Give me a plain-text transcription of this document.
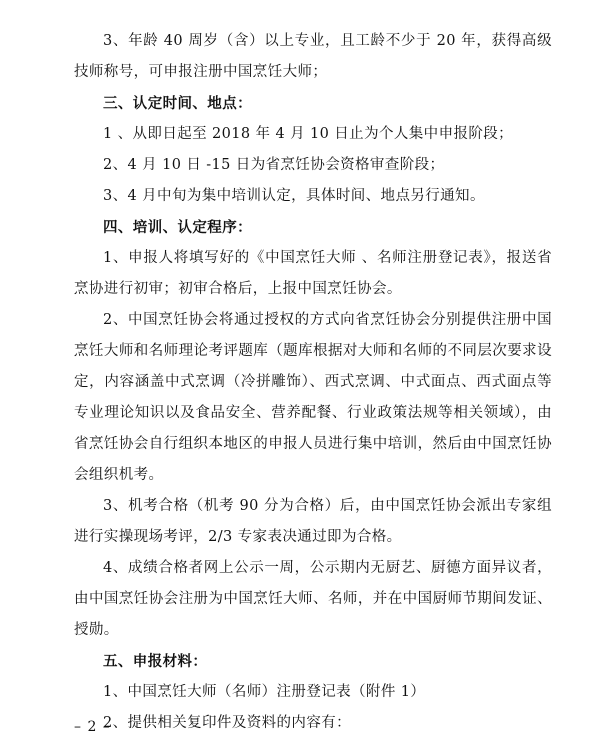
3、年龄 40 周岁（含）以上专业，且工龄不少于 20 年，获得高级技师称号，可申报注册中国烹饪大师；

三、认定时间、地点：

1 、从即日起至 2018 年 4 月 10 日止为个人集中申报阶段；

2、4 月 10 日 -15 日为省烹饪协会资格审查阶段；

3、4 月中旬为集中培训认定，具体时间、地点另行通知。

四、培训、认定程序：

1、申报人将填写好的《中国烹饪大师 、名师注册登记表》，报送省烹协进行初审；初审合格后，上报中国烹饪协会。

2、中国烹饪协会将通过授权的方式向省烹饪协会分别提供注册中国烹饪大师和名师理论考评题库（题库根据对大师和名师的不同层次要求设定，内容涵盖中式烹调（冷拼雕饰）、西式烹调、中式面点、西式面点等专业理论知识以及食品安全、营养配餐、行业政策法规等相关领域），由省烹饪协会自行组织本地区的申报人员进行集中培训，然后由中国烹饪协会组织机考。

3、机考合格（机考 90 分为合格）后，由中国烹饪协会派出专家组进行实操现场考评，2/3 专家表决通过即为合格。

4、成绩合格者网上公示一周，公示期内无厨艺、厨德方面异议者，由中国烹饪协会注册为中国烹饪大师、名师，并在中国厨师节期间发证、授勋。

五、申报材料：

1、中国烹饪大师（名师）注册登记表（附件 1）

2、提供相关复印件及资料的内容有：

– 2 –
